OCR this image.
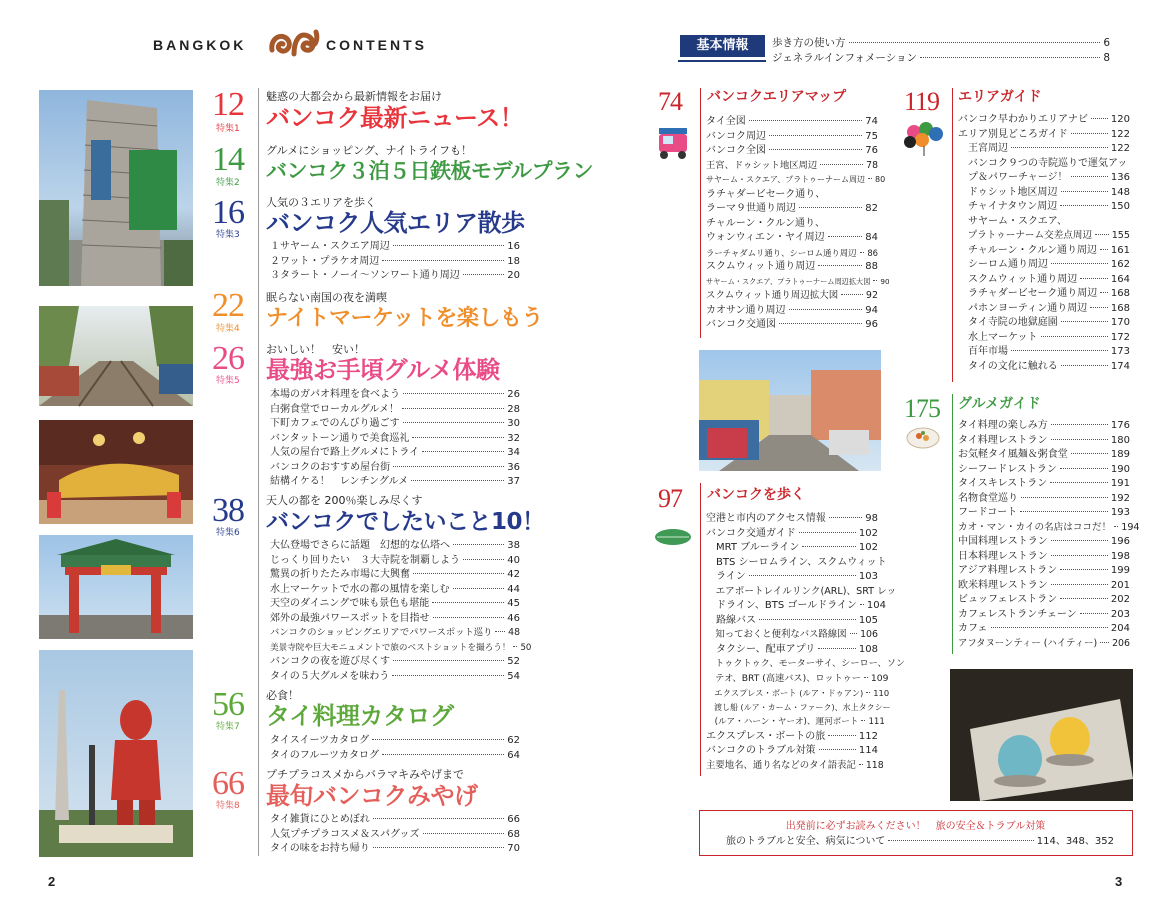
BANGKOK	CONTENTS
12
特集1
魅惑の大都会から最新情報をお届け
バンコク最新ニュース！
14
特集2
グルメにショッピング、ナイトライフも！
バンコク３泊５日鉄板モデルプラン
16
特集3
人気の３エリアを歩く
バンコク人気エリア散歩
１サヤーム・スクエア周辺	16
２ワット・プラケオ周辺	18
３タラート・ノーイ～ソンワート通り周辺	20
22
特集4
眠らない南国の夜を満喫
ナイトマーケットを楽しもう
26
特集5
おいしい！　安い！
最強お手頃グルメ体験
本場のガパオ料理を食べよう	26
白粥食堂でローカルグルメ！	28
下町カフェでのんびり過ごす	30
バンタットーン通りで美食巡礼	32
人気の屋台で路上グルメにトライ	34
バンコクのおすすめ屋台街	36
結構イケる！　レンチングルメ	37
38
特集6
天人の都を 200％楽しみ尽くす
バンコクでしたいこと10！
大仏登場でさらに話題　幻想的な仏塔へ	38
じっくり回りたい　３大寺院を制覇しよう	40
驚異の折りたたみ市場に大興奮	42
水上マーケットで水の都の風情を楽しむ	44
天空のダイニングで味も景色も堪能	45
郊外の最強パワースポットを目指せ	46
バンコクのショッピングエリアでパワースポット巡り 48
美景寺院や巨大モニュメントで旅のベストショットを撮ろう！ 50
バンコクの夜を遊び尽くす	52
タイの５大グルメを味わう	54
56
特集7
必食！
タイ料理カタログ
タイスイーツカタログ	62
タイのフルーツカタログ	64
66
特集8
プチプラコスメからバラマキみやげまで
最旬バンコクみやげ
タイ雑貨にひとめぼれ	66
人気プチプラコスメ＆スパグッズ	68
タイの味をお持ち帰り	70
2
基本情報	歩き方の使い方	6
ジェネラルインフォメーション	8
74 バンコクエリアマップ
タイ全図	74
バンコク周辺	75
バンコク全図	76
王宮、ドゥシット地区周辺	78
サヤーム・スクエア、プラトゥーナーム周辺 80
ラチャダービセーク通り、
ラーマ９世通り周辺	82
チャルーン・クルン通り、
ウォンウィエン・ヤイ周辺	84
ラーチャダムリ通り、シーロム通り周辺 86
スクムウィット通り周辺	88
サヤーム・スクエア、プラトゥーナーム周辺拡大図 90
スクムウィット通り周辺拡大図	92
カオサン通り周辺	94
バンコク交通図	96
97 バンコクを歩く
空港と市内のアクセス情報	98
バンコク交通ガイド	102
　MRT ブルーライン	102
　BTS シーロムライン、スクムウィット
　ライン	103
　エアポートレイルリンク(ARL)、SRT レッ
　ドライン、BTS ゴールドライン 104
　路線バス	105
　知っておくと便利なバス路線図 106
　タクシー、配車アプリ	108
　トゥクトゥク、モーターサイ、シーロー、ソン
　テオ、BRT (高速バス)、ロットゥー 109
　エクスプレス・ボート (ルア・ドゥアン) 110
　渡し船 (ルア・カーム・ファーク)、水上タクシー
　(ルア・ハーン・ヤーオ)、運河ボート 111
エクスプレス・ボートの旅	112
バンコクのトラブル対策	114
主要地名、通り名などのタイ語表記 118
119 エリアガイド
バンコク早わかりエリアナビ 120
エリア別見どころガイド	122
　王宮周辺	122
　バンコク９つの寺院巡りで運気アッ
　プ＆パワーチャージ！	136
　ドゥシット地区周辺	148
　チャイナタウン周辺	150
　サヤーム・スクエア、
　プラトゥーナーム交差点周辺 155
　チャルーン・クルン通り周辺 161
　シーロム通り周辺	162
　スクムウィット通り周辺	164
　ラチャダービセーク通り周辺 168
　パホンヨーティン通り周辺 168
　タイ寺院の地獄庭園	170
　水上マーケット	172
　百年市場	173
　タイの文化に触れる	174
175 グルメガイド
タイ料理の楽しみ方	176
タイ料理レストラン	180
お気軽タイ風麺＆粥食堂	189
シーフードレストラン	190
タイスキレストラン	191
名物食堂巡り	192
フードコート	193
カオ・マン・カイの名店はココだ！ 194
中国料理レストラン	196
日本料理レストラン	198
アジア料理レストラン	199
欧米料理レストラン	201
ビュッフェレストラン	202
カフェレストランチェーン	203
カフェ	204
アフタヌーンティー (ハイティー) 206
出発前に必ずお読みください！　旅の安全＆トラブル対策
旅のトラブルと安全、病気について	114、348、352
3
